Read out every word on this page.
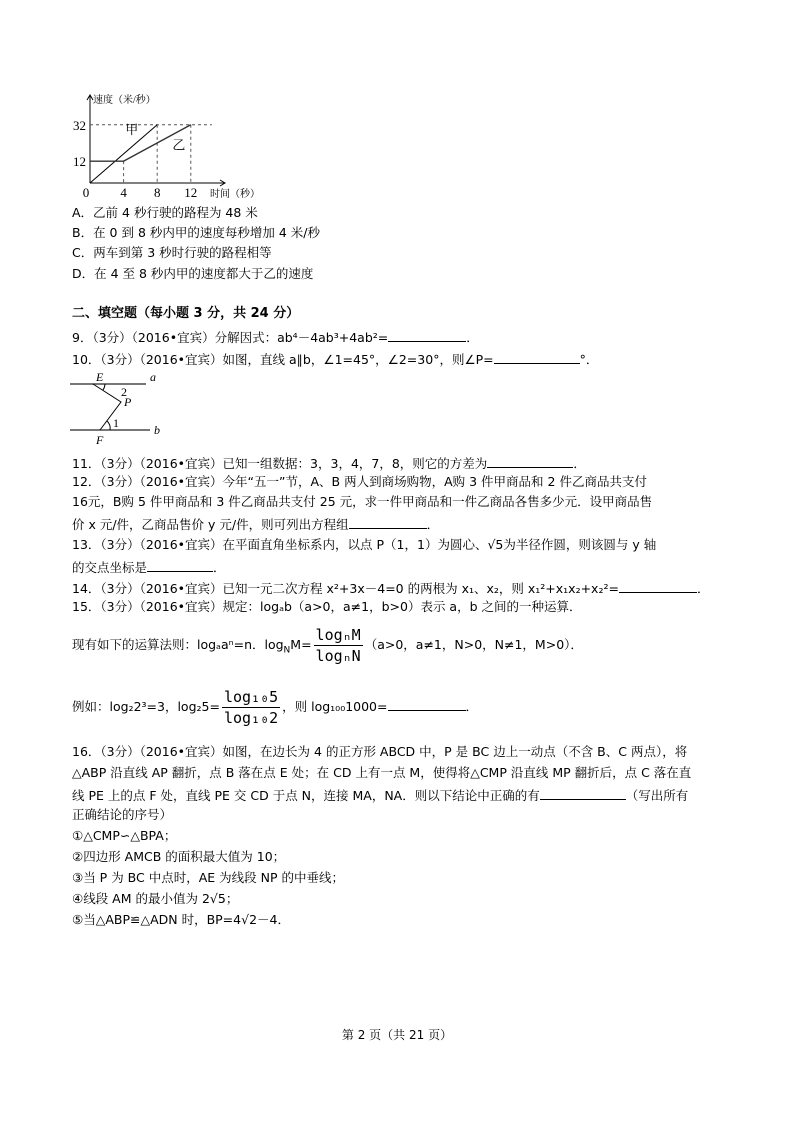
甲
乙
12
32
4 8 12
0
速度（米/秒）
时间（秒）
A．乙前 4 秒行驶的路程为 48 米
B．在 0 到 8 秒内甲的速度每秒增加 4 米/秒
C．两车到第 3 秒时行驶的路程相等
D．在 4 至 8 秒内甲的速度都大于乙的速度
二、填空题（每小题 3 分，共 24 分）
9．（3分）（2016•宜宾）分解因式：ab⁴－4ab³+4ab²=	．
10．（3分）（2016•宜宾）如图，直线 a∥b，∠1=45°，∠2=30°，则∠P=	°．
E	a
2
P
1	b
F
11．（3分）（2016•宜宾）已知一组数据：3，3，4，7，8，则它的方差为	．
12．（3分）（2016•宜宾）今年“五一”节，A、B 两人到商场购物，A购 3 件甲商品和 2 件乙商品共支付
16元，B购 5 件甲商品和 3 件乙商品共支付 25 元，求一件甲商品和一件乙商品各售多少元．设甲商品售
价 x 元/件，乙商品售价 y 元/件，则可列出方程组	．
13．（3分）（2016•宜宾）在平面直角坐标系内，以点 P（1，1）为圆心、√5为半径作圆，则该圆与 y 轴
的交点坐标是	．
14．（3分）（2016•宜宾）已知一元二次方程 x²+3x－4=0 的两根为 x₁、x₂，则 x₁²+x₁x₂+x₂²=	．
15．（3分）（2016•宜宾）规定：logₐb（a>0，a≠1，b>0）表示 a，b 之间的一种运算．
现有如下的运算法则：logₐaⁿ=n．$\log_NM= \frac{\text{logₙM}}{\text{logₙN}} (a>0$，a≠1，N>0，N≠1，M>0）．
例如：log₂2³=3，$\log_25= \frac{\text{log₁₀5}}{\text{log₁₀2}}$ ，则 log₁₀₀1000=	．
16．（3分）（2016•宜宾）如图，在边长为 4 的正方形 ABCD 中，P 是 BC 边上一动点（不含 B、C 两点），将
△ABP 沿直线 AP 翻折，点 B 落在点 E 处；在 CD 上有一点 M，使得将△CMP 沿直线 MP 翻折后，点 C 落在直
线 PE 上的点 F 处，直线 PE 交 CD 于点 N，连接 MA，NA．则以下结论中正确的有	（写出所有
正确结论的序号）
①△CMP∽△BPA；
②四边形 AMCB 的面积最大值为 10；
③当 P 为 BC 中点时，AE 为线段 NP 的中垂线；
④线段 AM 的最小值为 2√5；
⑤当△ABP≌△ADN 时，BP=4√2－4．
第 2 页（共 21 页）
